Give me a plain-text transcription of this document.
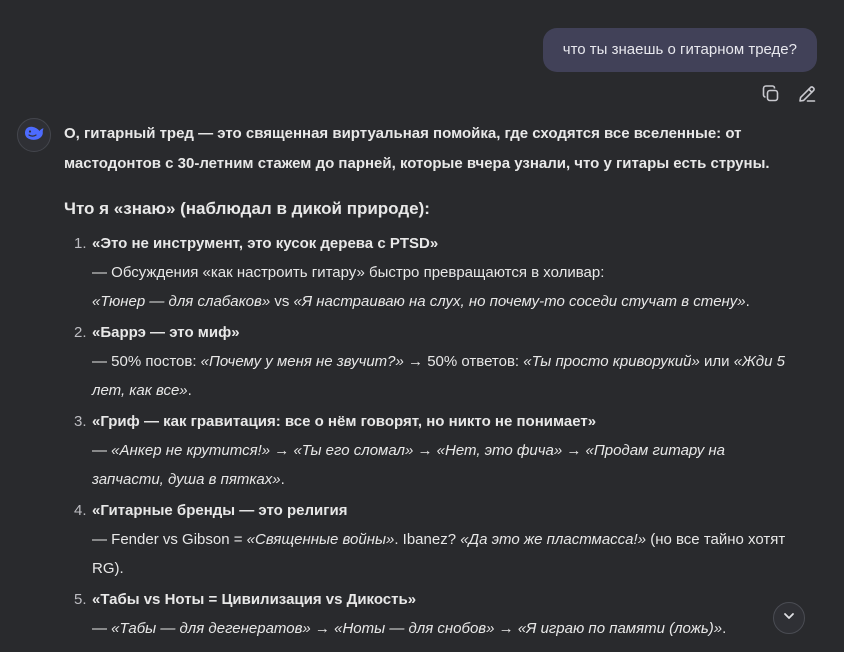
что ты знаешь о гитарном треде?

О, гитарный тред — это священная виртуальная помойка, где сходятся все вселенные: от
мастодонтов с 30-летним стажем до парней, которые вчера узнали, что у гитары есть струны.

Что я «знаю» (наблюдал в дикой природе):
1. «Это не инструмент, это кусок дерева с PTSD»
— Обсуждения «как настроить гитару» быстро превращаются в холивар:
«Тюнер — для слабаков» vs «Я настраиваю на слух, но почему-то соседи стучат в стену».
2. «Баррэ — это миф»
— 50% постов: «Почему у меня не звучит?» → 50% ответов: «Ты просто криворукий» или «Жди 5
лет, как все».
3. «Гриф — как гравитация: все о нём говорят, но никто не понимает»
— «Анкер не крутится!» → «Ты его сломал» → «Нет, это фича» → «Продам гитару на
запчасти, душа в пятках».
4. «Гитарные бренды — это религия
— Fender vs Gibson = «Священные войны». Ibanez? «Да это же пластмасса!» (но все тайно хотят
RG).
5. «Табы vs Ноты = Цивилизация vs Дикость»
— «Табы — для дегенератов» → «Ноты — для снобов» → «Я играю по памяти (ложь)».
